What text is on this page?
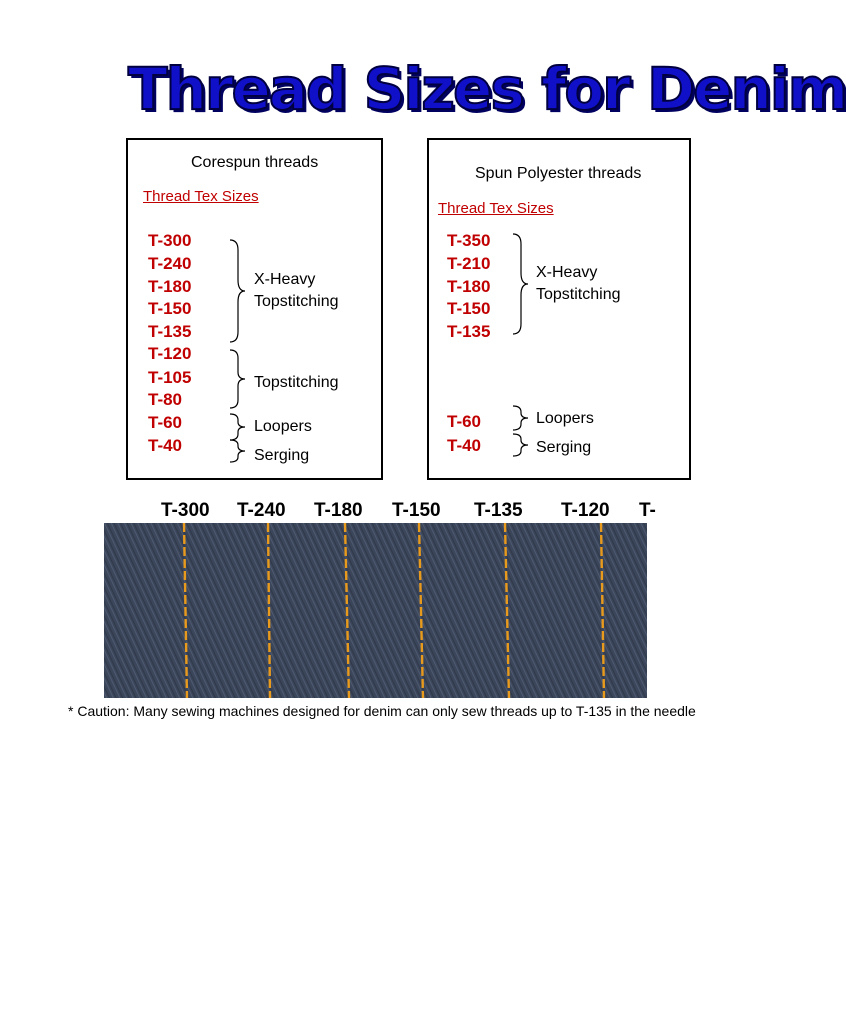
Thread Sizes for Denim
Corespun threads
Thread Tex Sizes
T-300
T-240
T-180
T-150
T-135
T-120
T-105
T-80
T-60
T-40
X-Heavy
Topstitching
Topstitching
Loopers
Serging
Spun Polyester threads
Thread Tex Sizes
T-350
T-210
T-180
T-150
T-135
T-60
T-40
X-Heavy
Topstitching
Loopers
Serging
T-300 T-240 T-180 T-150 T-135 T-120 T-
* Caution: Many sewing machines designed for denim can only sew threads up to T-135 in the needle
